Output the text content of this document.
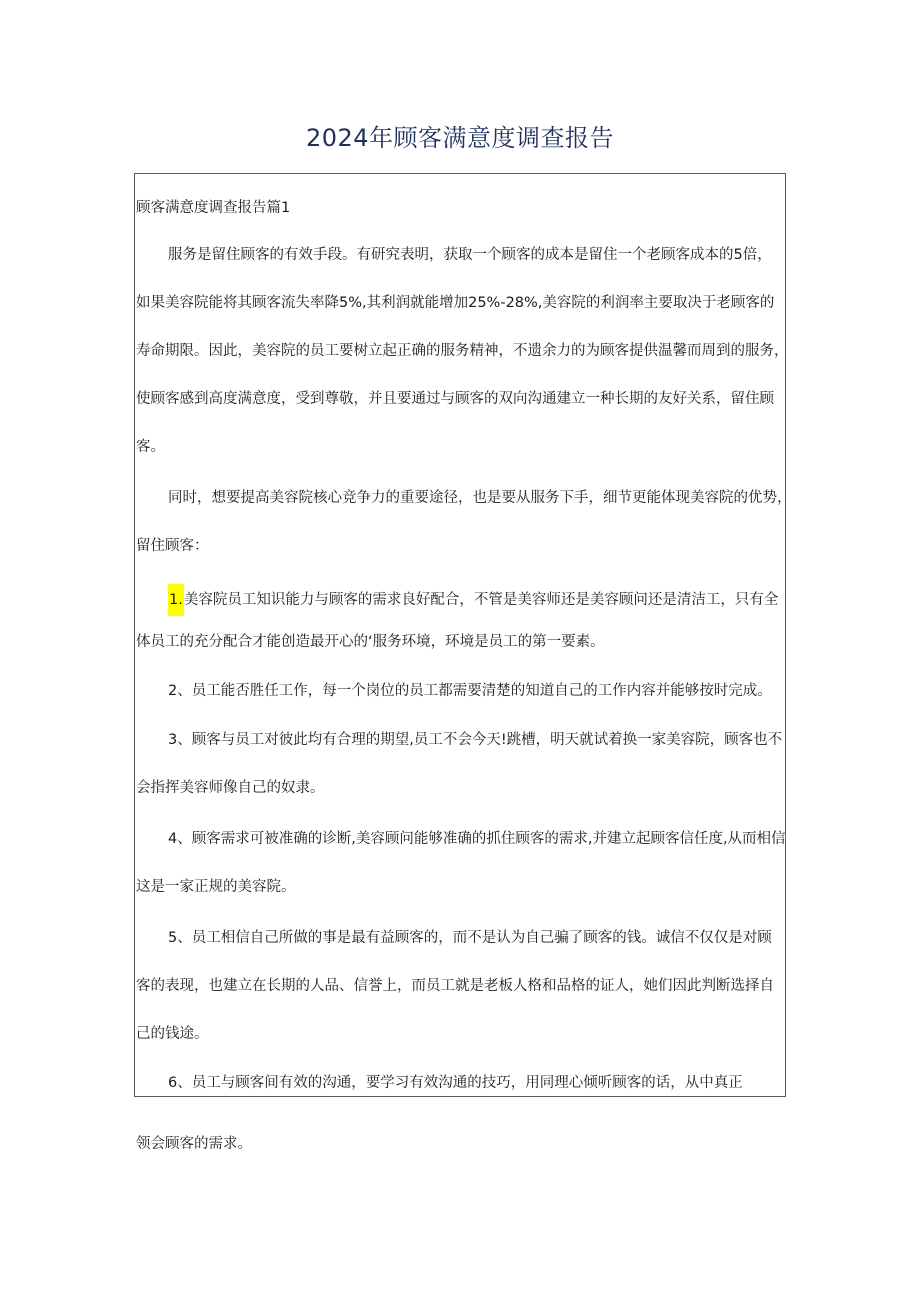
2024年顾客满意度调查报告
顾客满意度调查报告篇1
服务是留住顾客的有效手段。有研究表明，获取一个顾客的成本是留住一个老顾客成本的5倍，
如果美容院能将其顾客流失率降5%,其利润就能增加25%-28%,美容院的利润率主要取决于老顾客的
寿命期限。因此，美容院的员工要树立起正确的服务精神，不遗余力的为顾客提供温馨而周到的服务，
使顾客感到高度满意度，受到尊敬，并且要通过与顾客的双向沟通建立一种长期的友好关系，留住顾
客。
同时，想要提高美容院核心竞争力的重要途径，也是要从服务下手，细节更能体现美容院的优势，
留住顾客：
1.美容院员工知识能力与顾客的需求良好配合，不管是美容师还是美容顾问还是清洁工，只有全
体员工的充分配合才能创造最开心的‘服务环境，环境是员工的第一要素。
2、员工能否胜任工作，每一个岗位的员工都需要清楚的知道自己的工作内容并能够按时完成。
3、顾客与员工对彼此均有合理的期望,员工不会今天!跳槽，明天就试着换一家美容院，顾客也不
会指挥美容师像自己的奴隶。
4、顾客需求可被准确的诊断,美容顾问能够准确的抓住顾客的需求,并建立起顾客信任度,从而相信
这是一家正规的美容院。
5、员工相信自己所做的事是最有益顾客的，而不是认为自己骗了顾客的钱。诚信不仅仅是对顾
客的表现，也建立在长期的人品、信誉上，而员工就是老板人格和品格的证人，她们因此判断选择自
己的钱途。
6、员工与顾客间有效的沟通，要学习有效沟通的技巧，用同理心倾听顾客的话，从中真正
领会顾客的需求。
